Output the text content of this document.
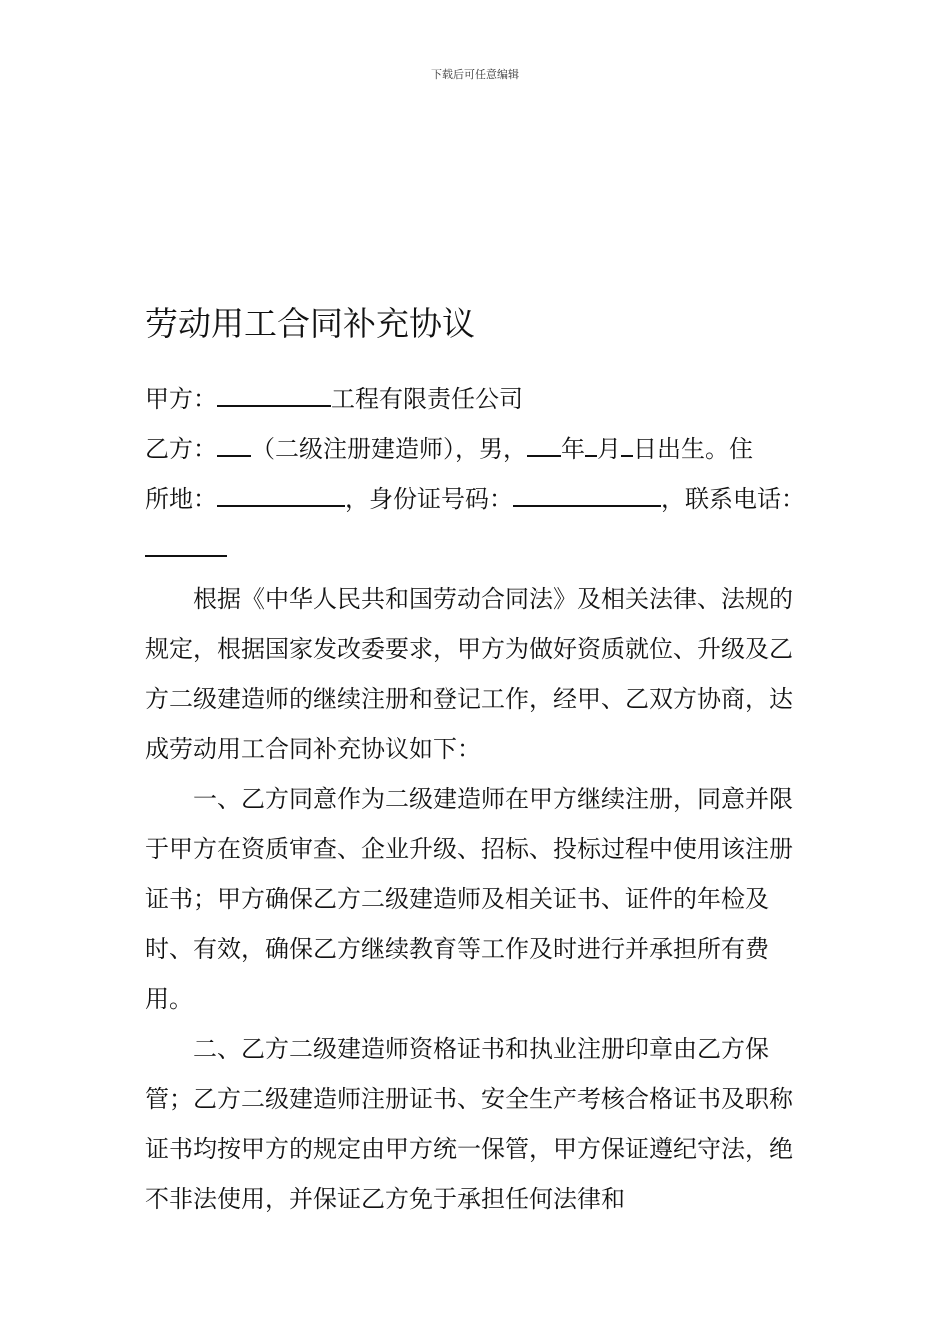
下载后可任意编辑
劳动用工合同补充协议
甲方：	工程有限责任公司
乙方： （二级注册建造师），男， 年 月 日出生。住
所地：	，身份证号码：	，联系电话：

根据《中华人民共和国劳动合同法》及相关法律、法规的规定，根据国家发改委要求，甲方为做好资质就位、升级及乙方二级建造师的继续注册和登记工作，经甲、乙双方协商，达成劳动用工合同补充协议如下：

一、乙方同意作为二级建造师在甲方继续注册，同意并限于甲方在资质审查、企业升级、招标、投标过程中使用该注册证书；甲方确保乙方二级建造师及相关证书、证件的年检及时、有效，确保乙方继续教育等工作及时进行并承担所有费用。

二、乙方二级建造师资格证书和执业注册印章由乙方保管；乙方二级建造师注册证书、安全生产考核合格证书及职称证书均按甲方的规定由甲方统一保管，甲方保证遵纪守法，绝不非法使用，并保证乙方免于承担任何法律和
